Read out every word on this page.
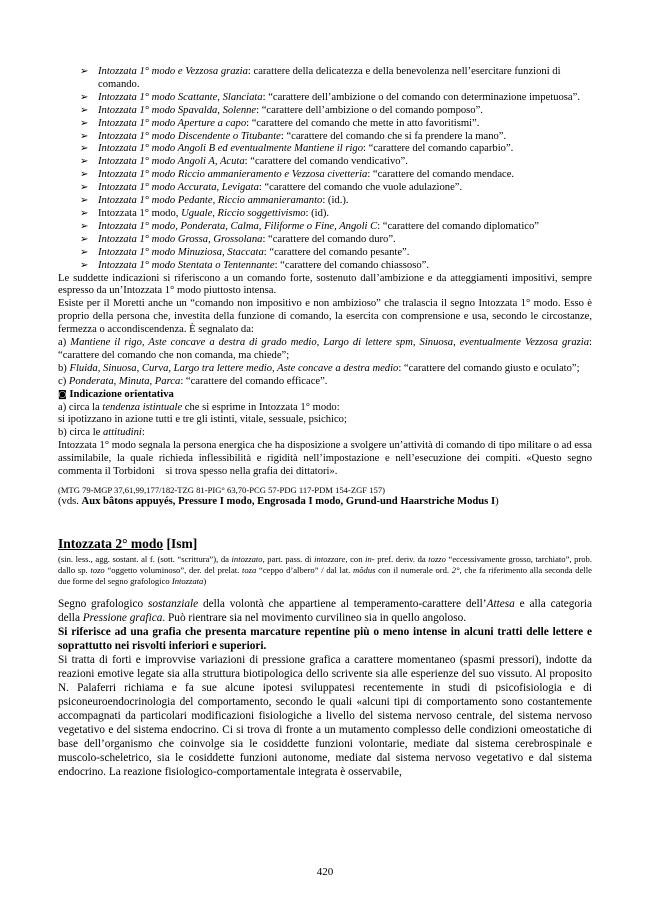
➢ Intozzata 1° modo e Vezzosa grazia: carattere della delicatezza e della benevolenza nell’esercitare funzioni di comando.
➢ Intozzata 1° modo Scattante, Slanciata: “carattere dell’ambizione o del comando con determinazione impetuosa”.
➢ Intozzata 1° modo Spavalda, Solenne: “carattere dell’ambizione o del comando pomposo”.
➢ Intozzata 1° modo Aperture a capo: “carattere del comando che mette in atto favoritismi”.
➢ Intozzata 1° modo Discendente o Titubante: “carattere del comando che si fa prendere la mano”.
➢ Intozzata 1° modo Angoli B ed eventualmente Mantiene il rigo: “carattere del comando caparbio”.
➢ Intozzata 1° modo Angoli A, Acuta: “carattere del comando vendicativo”.
➢ Intozzata 1° modo Riccio ammanieramento e Vezzosa civetteria: “carattere del comando mendace.
➢ Intozzata 1° modo Accurata, Levigata: “carattere del comando che vuole adulazione”.
➢ Intozzata 1° modo Pedante, Riccio ammanieramanto: (id.).
➢ Intozzata 1° modo, Uguale, Riccio soggettivismo: (id).
➢ Intozzata 1° modo, Ponderata, Calma, Filiforme o Fine, Angoli C: “carattere del comando diplomatico”
➢ Intozzata 1° modo Grossa, Grossolana: “carattere del comando duro”.
➢ Intozzata 1° modo Minuziosa, Staccata: “carattere del comando pesante”.
➢ Intozzata 1° modo Stentata o Tentennante: “carattere del comando chiassoso”.

Le suddette indicazioni si riferiscono a un comando forte, sostenuto dall’ambizione e da atteggiamenti impositivi, sempre espresso da un’Intozzata 1° modo piuttosto intensa.

Esiste per il Moretti anche un “comando non impositivo e non ambizioso” che tralascia il segno Intozzata 1° modo. Esso è proprio della persona che, investita della funzione di comando, la esercita con comprensione e usa, secondo le circostanze, fermezza o accondiscendenza. È segnalato da:

a) Mantiene il rigo, Aste concave a destra di grado medio, Largo di lettere spm, Sinuosa, eventualmente Vezzosa grazia: “carattere del comando che non comanda, ma chiede”;

b) Fluida, Sinuosa, Curva, Largo tra lettere medio, Aste concave a destra medio: “carattere del comando giusto e oculato”;

c) Ponderata, Minuta, Parca: “carattere del comando efficace”.

◙ Indicazione orientativa

a) circa la tendenza istintuale che si esprime in Intozzata 1° modo:

si ipotizzano in azione tutti e tre gli istinti, vitale, sessuale, psichico;

b) circa le attitudini:

Intozzata 1° modo segnala la persona energica che ha disposizione a svolgere un’attività di comando di tipo militare o ad essa assimilabile, la quale richieda inflessibilità e rigidità nell’impostazione e nell’esecuzione dei compiti. «Questo segno    commenta il Torbidoni    si trova spesso nella grafia dei dittatori».

(MTG 79-MGP 37,61,99,177/182-TZG 81-PIG° 63,70-PCG 57-PDG 117-PDM 154-ZGF 157)

(vds. Aux bâtons appuyés, Pressure I modo, Engrosada I modo, Grund-und Haarstriche Modus I)

Intozzata 2° modo [Ism]

(sin. less., agg. sostant. al f. (sott. “scrittura”), da intozzato, part. pass. di intozzare, con in- pref. deriv. da tozzo “eccessivamente grosso, tarchiato”, prob. dallo sp. tozo “oggetto voluminoso”, der. del prelat. toza “ceppo d’albero” / dal lat. mŏdus con il numerale ord. 2°, che fa riferimento alla seconda delle due forme del segno grafologico Intozzata)

Segno grafologico sostanziale della volontà che appartiene al temperamento-carattere dell’Attesa e alla categoria della Pressione grafica. Può rientrare sia nel movimento curvilineo sia in quello angoloso.

Si riferisce ad una grafia che presenta marcature repentine più o meno intense in alcuni tratti delle lettere e soprattutto nei risvolti inferiori e superiori.

Si tratta di forti e improvvise variazioni di pressione grafica a carattere momentaneo (spasmi pressori), indotte da reazioni emotive legate sia alla struttura biotipologica dello scrivente sia alle esperienze del suo vissuto. Al proposito N. Palaferri richiama e fa sue alcune ipotesi sviluppatesi recentemente in studi di psicofisiologia e di psiconeuroendocrinologia del comportamento, secondo le quali «alcuni tipi di comportamento sono costantemente accompagnati da particolari modificazioni fisiologiche a livello del sistema nervoso centrale, del sistema nervoso vegetativo e del sistema endocrino. Ci si trova di fronte a un mutamento complesso delle condizioni omeostatiche di base dell’organismo che coinvolge sia le cosiddette funzioni volontarie, mediate dal sistema cerebrospinale e muscolo-scheletrico, sia le cosiddette funzioni autonome, mediate dal sistema nervoso vegetativo e dal sistema endocrino. La reazione fisiologico-comportamentale integrata è osservabile,

420
